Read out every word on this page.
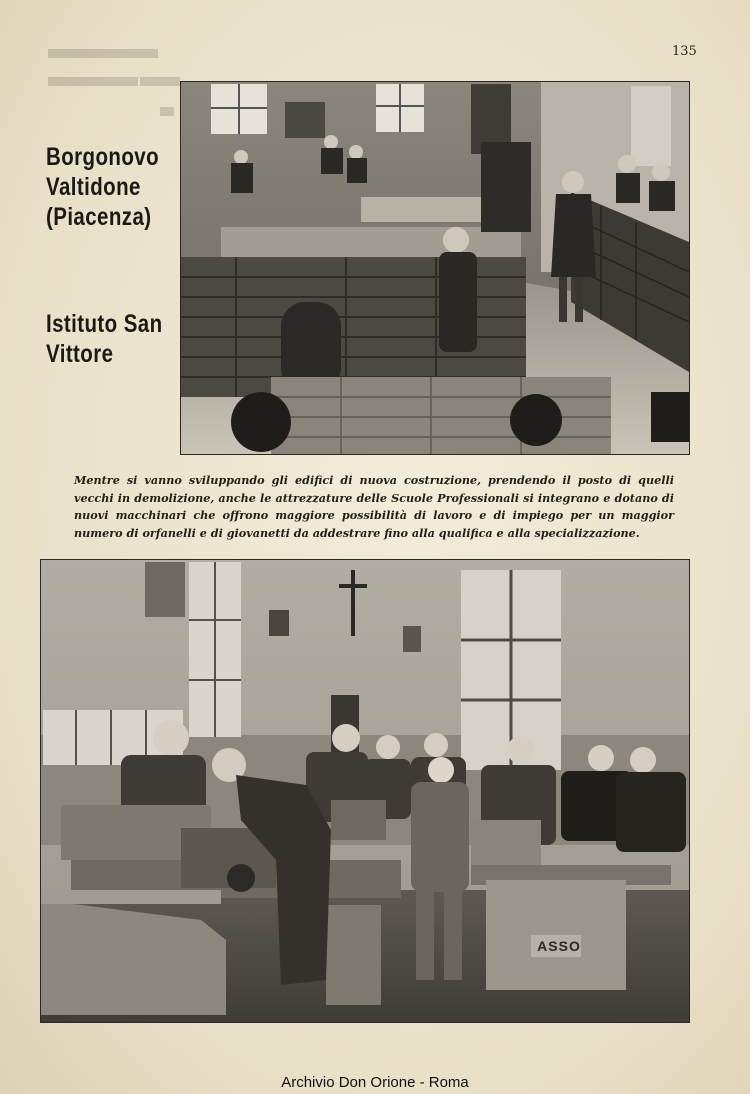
135
Borgonovo Valtidone (Piacenza)
Istituto San Vittore
Mentre si vanno sviluppando gli edifici di nuova costruzione, prendendo il posto di quelli vecchi in demolizione, anche le attrezzature delle Scuole Professionali si integrano e dotano di nuovi macchinari che offrono maggiore possibilità di lavoro e di impiego per un maggior numero di orfanelli e di giovanetti da addestrare fino alla qualifica e alla specializzazione.
ASSO
Archivio Don Orione - Roma
